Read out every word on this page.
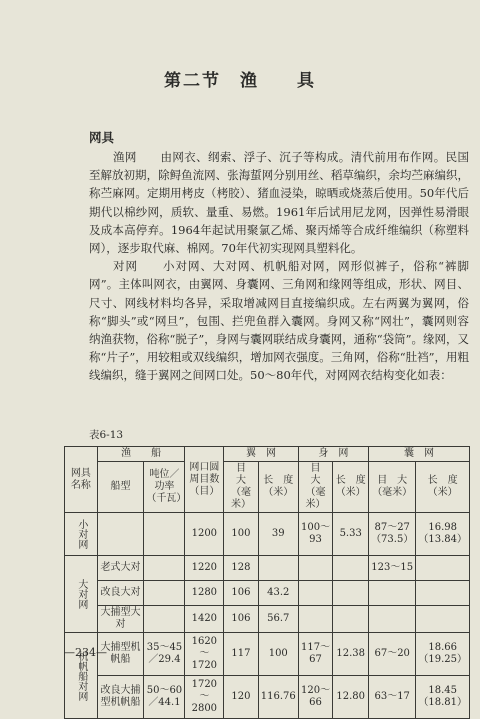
第二节　渔　　具
网具

渔网　　由网衣、纲索、浮子、沉子等构成。清代前用布作网。民国至解放初期，除鲟鱼流网、张海蜇网分别用丝、稻草编织，余均苎麻编织，称苎麻网。定期用栲皮（栲胶）、猪血浸染，晾晒或烧蒸后使用。50年代后期代以棉纱网，质软、量重、易燃。1961年后试用尼龙网，因弹性易滑眼及成本高停弃。1964年起试用聚氯乙烯、聚丙烯等合成纤维编织（称塑料网），逐步取代麻、棉网。70年代初实现网具塑料化。

对网　　小对网、大对网、机帆船对网，网形似裤子，俗称“裤脚网”。主体叫网衣，由翼网、身囊网、三角网和缘网等组成，形状、网目、尺寸、网线材料均各异，采取增减网目直接编织成。左右两翼为翼网，俗称“脚头”或“网旦”，包围、拦兜鱼群入囊网。身网又称“网壮”，囊网则容纳渔获物，俗称“脱子”，身网与囊网联结成身囊网，通称“袋筒”。缘网，又称“片子”，用较粗或双线编织，增加网衣强度。三角网，俗称“肚裆”，用粗线编织，缝于翼网之间网口处。50～80年代，对网网衣结构变化如表：

表6-13
网具名称	渔　　船		网口圆周目数（目）	翼　网		身　网		囊　网	
	船型	吨位／功率（千瓦）		目　大（毫米）	长　度（米）	目　大（毫米）	长　度（米）	目　大（毫米）	长　度（米）

小对网			1200	100	39	100～93	5.33	87～27（73.5）	16.98（13.84）

大对网	老式大对		1220	128				123～15	
	改良大对		1280	106	43.2				
	大捕型大对		1420	106	56.7				

机帆船对网	大捕型机帆船	35～45／29.4	1620～1720	117	100	117～67	12.38	67～20	18.66（19.25）
	改良大捕型机帆船	50～60／44.1	1720～2800	120	116.76	120～66	12.80	63～17	18.45（18.81）
—234—
